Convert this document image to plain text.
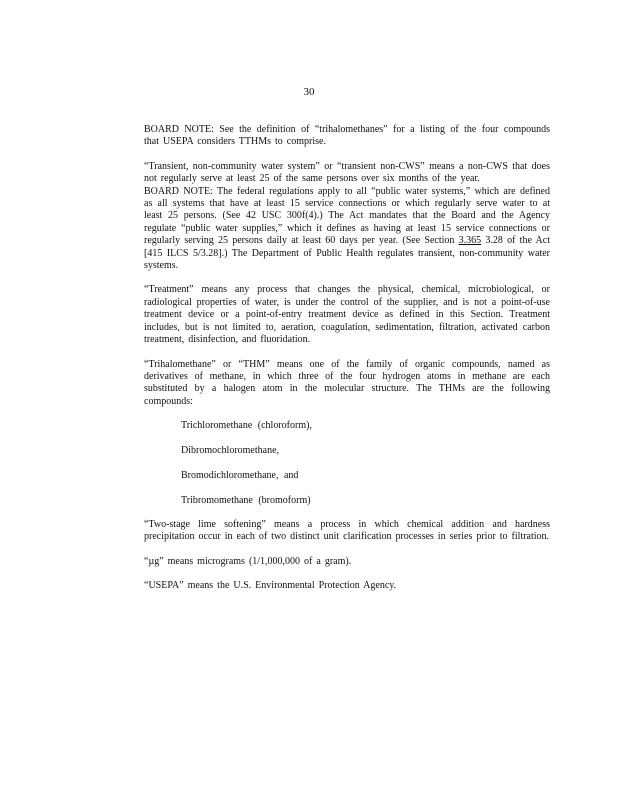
30

BOARD NOTE: See the definition of “trihalomethanes” for a listing of the four compounds that USEPA considers TTHMs to comprise.

“Transient, non-community water system” or “transient non-CWS” means a non-CWS that does not regularly serve at least 25 of the same persons over six months of the year.

BOARD NOTE: The federal regulations apply to all “public water systems,” which are defined as all systems that have at least 15 service connections or which regularly serve water to at least 25 persons. (See 42 USC 300f(4).) The Act mandates that the Board and the Agency regulate “public water supplies,” which it defines as having at least 15 service connections or regularly serving 25 persons daily at least 60 days per year. (See Section 3.365 3.28 of the Act [415 ILCS 5/3.28].) The Department of Public Health regulates transient, non-community water systems.

“Treatment” means any process that changes the physical, chemical, microbiological, or radiological properties of water, is under the control of the supplier, and is not a point-of-use treatment device or a point-of-entry treatment device as defined in this Section. Treatment includes, but is not limited to, aeration, coagulation, sedimentation, filtration, activated carbon treatment, disinfection, and fluoridation.

“Trihalomethane” or “THM” means one of the family of organic compounds, named as derivatives of methane, in which three of the four hydrogen atoms in methane are each substituted by a halogen atom in the molecular structure. The THMs are the following compounds:

Trichloromethane (chloroform),
Dibromochloromethane,
Bromodichloromethane, and
Tribromomethane (bromoform)

“Two-stage lime softening” means a process in which chemical addition and hardness precipitation occur in each of two distinct unit clarification processes in series prior to filtration.

“µg” means micrograms (1/1,000,000 of a gram).

“USEPA” means the U.S. Environmental Protection Agency.
